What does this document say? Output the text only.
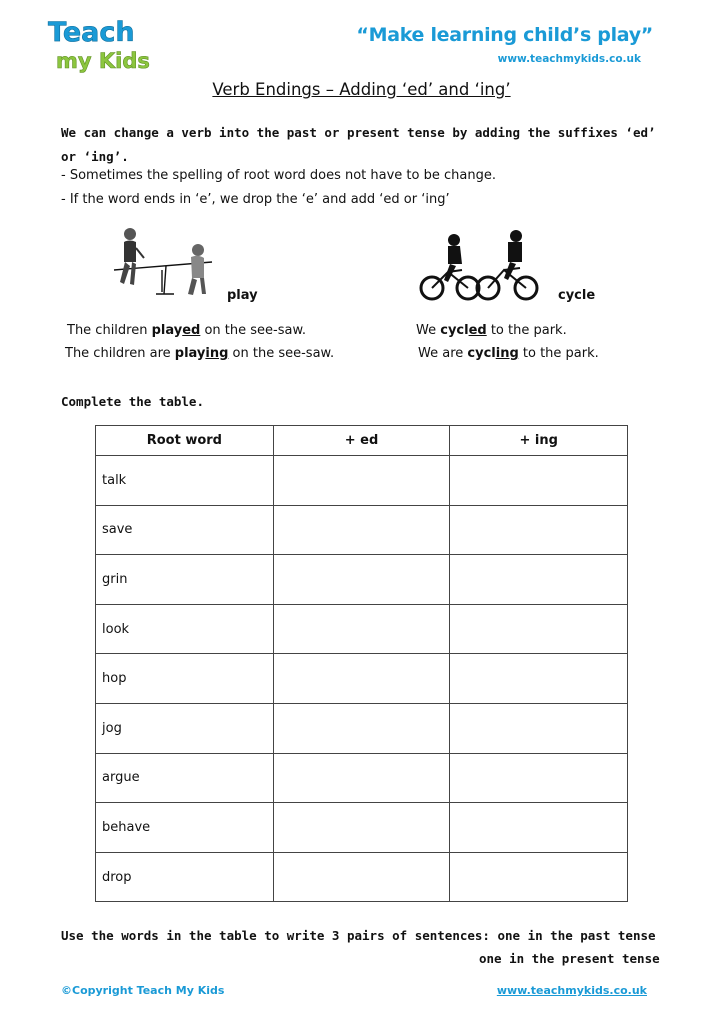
Teach
my Kids
“Make learning child’s play”
www.teachmykids.co.uk
Verb Endings – Adding ‘ed’ and ‘ing’
We can change a verb into the past or present tense by adding the suffixes ‘ed’ or ‘ing’.
- Sometimes the spelling of root word does not have to be change.
- If the word ends in ‘e’, we drop the ‘e’ and add ‘ed or ‘ing’
play	cycle
The children played on the see-saw.
The children are playing on the see-saw.
We cycled to the park.
We are cycling to the park.
Complete the table.
Root word	+ ed	+ ing
talk		
save		
grin		
look		
hop		
jog		
argue		
behave		
drop		
Use the words in the table to write 3 pairs of sentences: one in the past tense
one in the present tense
©Copyright Teach My Kids	www.teachmykids.co.uk
